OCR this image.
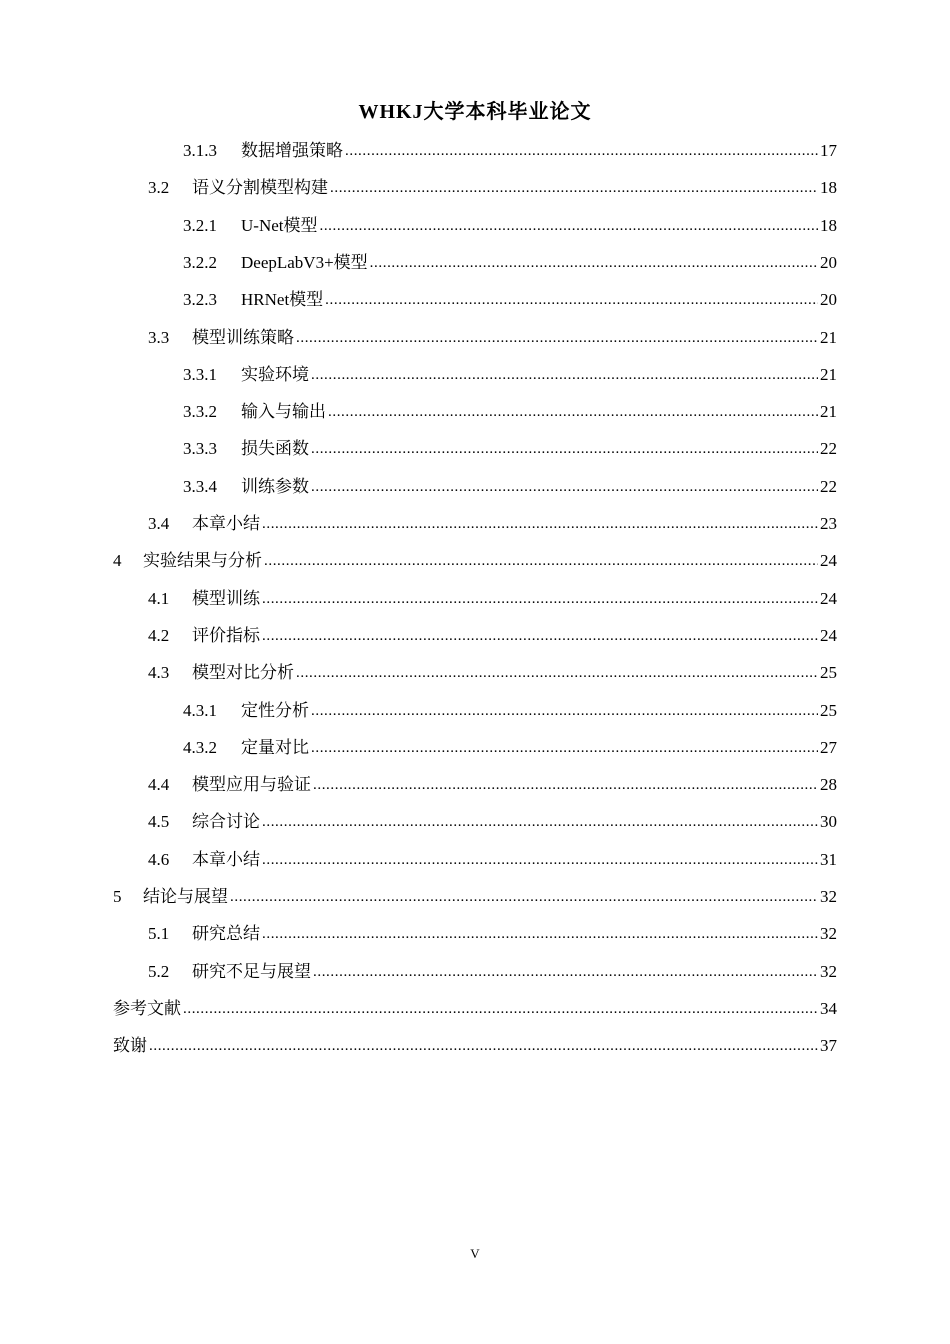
WHKJ大学本科毕业论文
3.1.3	数据增强策略 .....	17
3.2	语义分割模型构建 .....	18
3.2.1	U-Net模型 .....	18
3.2.2	DeepLabV3+模型 .....	20
3.2.3	HRNet模型 .....	20
3.3	模型训练策略 .....	21
3.3.1	实验环境 .....	21
3.3.2	输入与输出 .....	21
3.3.3	损失函数 .....	22
3.3.4	训练参数 .....	22
3.4	本章小结 .....	23
4	实验结果与分析 .....	24
4.1	模型训练 .....	24
4.2	评价指标 .....	24
4.3	模型对比分析 .....	25
4.3.1	定性分析 .....	25
4.3.2	定量对比 .....	27
4.4	模型应用与验证 .....	28
4.5	综合讨论 .....	30
4.6	本章小结 .....	31
5	结论与展望 .....	32
5.1	研究总结 .....	32
5.2	研究不足与展望 .....	32
参考文献 .....	34
致谢 .....	37
V
